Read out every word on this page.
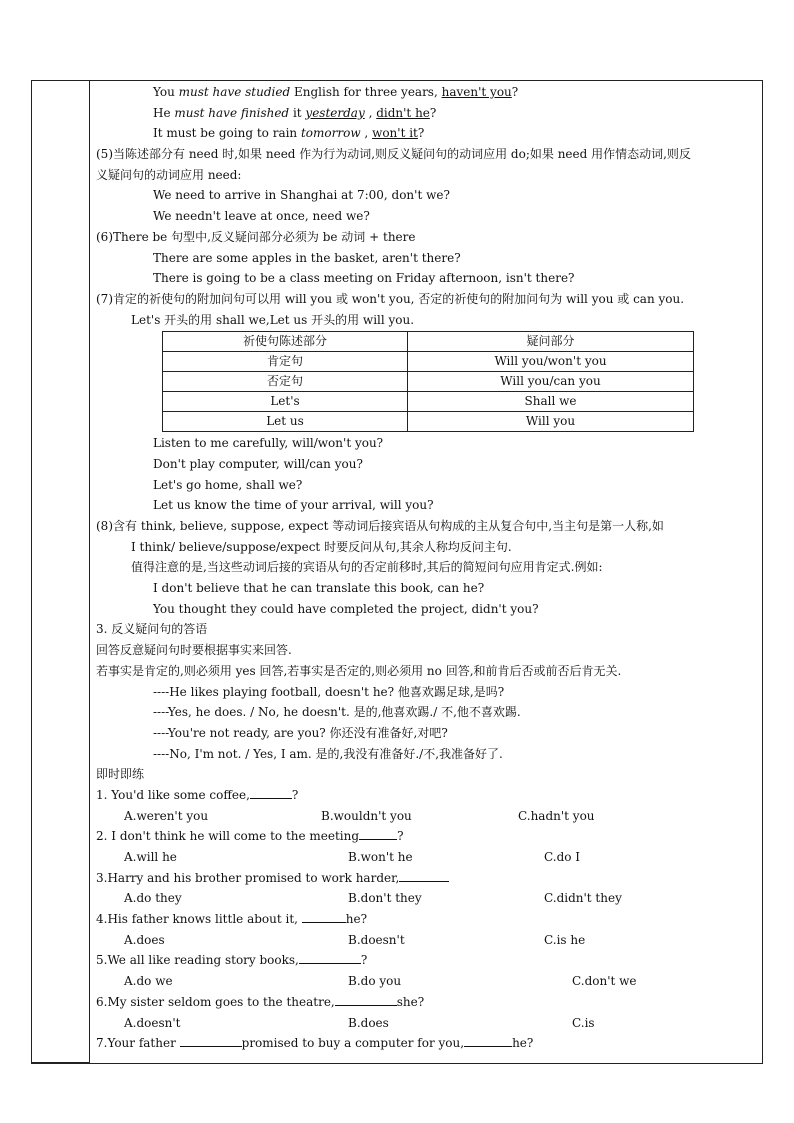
You must have studied English for three years, haven't you?
He must have finished it yesterday , didn't he?
It must be going to rain tomorrow , won't it?
(5)当陈述部分有 need 时,如果 need 作为行为动词,则反义疑问句的动词应用 do;如果 need 用作情态动词,则反
义疑问句的动词应用 need:
We need to arrive in Shanghai at 7:00, don't we?
We needn't leave at once, need we?
(6)There be 句型中,反义疑问部分必须为 be 动词 + there
There are some apples in the basket, aren't there?
There is going to be a class meeting on Friday afternoon, isn't there?
(7)肯定的祈使句的附加问句可以用 will you 或 won't you, 否定的祈使句的附加问句为 will you 或 can you.
Let's 开头的用 shall we,Let us 开头的用 will you.
祈使句陈述部分	疑问部分
肯定句	Will you/won't you
否定句	Will you/can you
Let's	Shall we
Let us	Will you
Listen to me carefully, will/won't you?
Don't play computer, will/can you?
Let's go home, shall we?
Let us know the time of your arrival, will you?
(8)含有 think, believe, suppose, expect 等动词后接宾语从句构成的主从复合句中,当主句是第一人称,如
I think/ believe/suppose/expect 时要反问从句,其余人称均反问主句.
值得注意的是,当这些动词后接的宾语从句的否定前移时,其后的简短问句应用肯定式.例如:
I don't believe that he can translate this book, can he?
You thought they could have completed the project, didn't you?
3. 反义疑问句的答语
回答反意疑问句时要根据事实来回答.
若事实是肯定的,则必须用 yes 回答,若事实是否定的,则必须用 no 回答,和前肯后否或前否后肯无关.
----He likes playing football, doesn't he? 他喜欢踢足球,是吗?
----Yes, he does. / No, he doesn't. 是的,他喜欢踢./ 不,他不喜欢踢.
----You're not ready, are you? 你还没有准备好,对吧?
----No, I'm not. / Yes, I am. 是的,我没有准备好./不,我准备好了.
即时即练
1. You'd like some coffee,	?
A.weren't you	B.wouldn't you	C.hadn't you
2. I don't think he will come to the meeting	?
A.will he	B.won't he	C.do I
3.Harry and his brother promised to work harder,
A.do they	B.don't they	C.didn't they
4.His father knows little about it,	he?
A.does	B.doesn't	C.is he
5.We all like reading story books,	?
A.do we	B.do you	C.don't we
6.My sister seldom goes to the theatre,	she?
A.doesn't	B.does	C.is
7.Your father	promised to buy a computer for you,	he?
